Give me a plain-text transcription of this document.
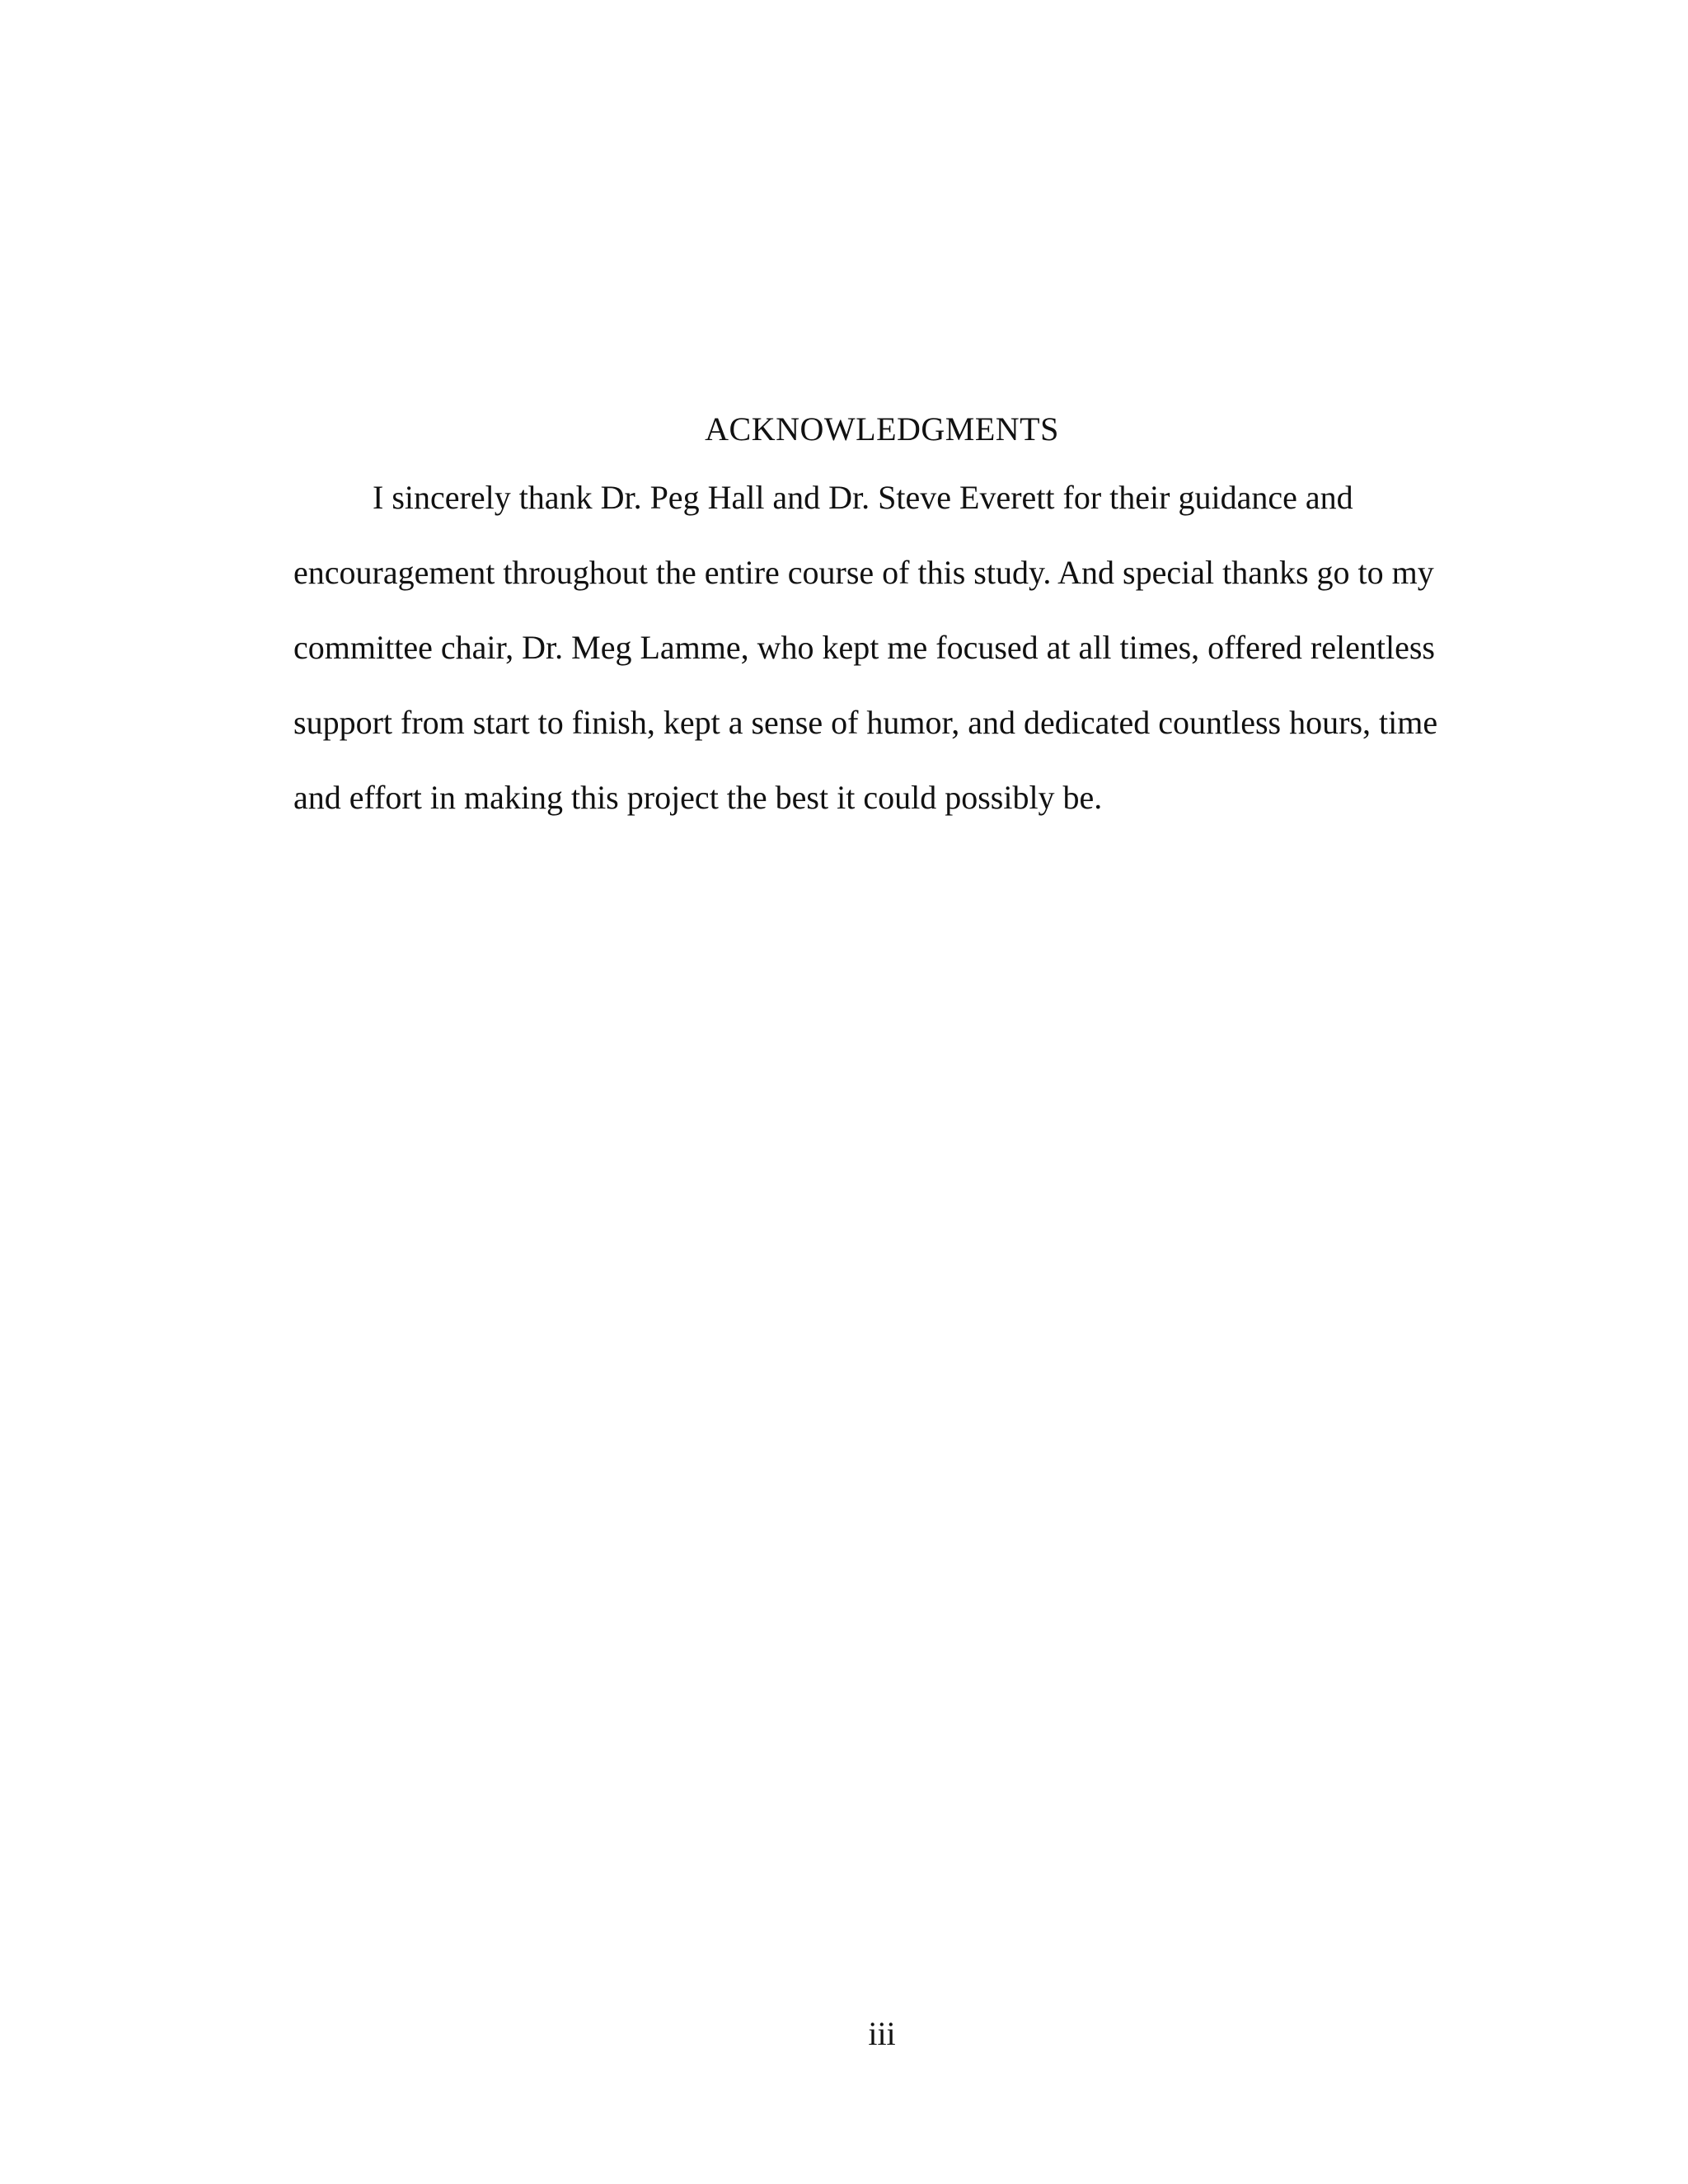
ACKNOWLEDGMENTS
I sincerely thank Dr. Peg Hall and Dr. Steve Everett for their guidance and
encouragement throughout the entire course of this study. And special thanks go to my
committee chair, Dr. Meg Lamme, who kept me focused at all times, offered relentless
support from start to finish, kept a sense of humor, and dedicated countless hours, time
and effort in making this project the best it could possibly be.
iii
